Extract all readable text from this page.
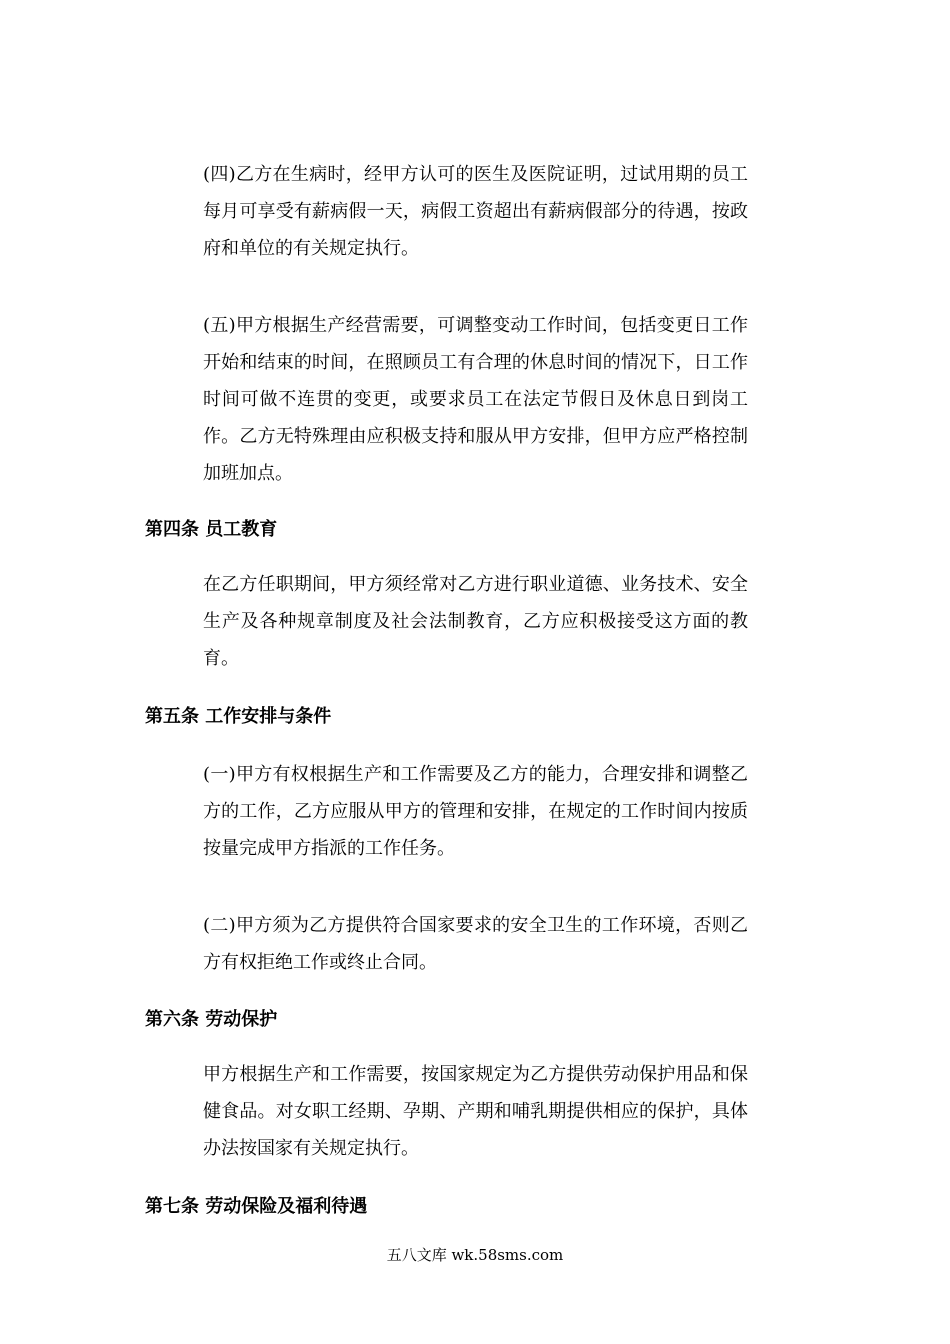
(四)乙方在生病时，经甲方认可的医生及医院证明，过试用期的员工每月可享受有薪病假一天，病假工资超出有薪病假部分的待遇，按政府和单位的有关规定执行。

(五)甲方根据生产经营需要，可调整变动工作时间，包括变更日工作开始和结束的时间，在照顾员工有合理的休息时间的情况下，日工作时间可做不连贯的变更，或要求员工在法定节假日及休息日到岗工作。乙方无特殊理由应积极支持和服从甲方安排，但甲方应严格控制加班加点。

第四条 员工教育

在乙方任职期间，甲方须经常对乙方进行职业道德、业务技术、安全生产及各种规章制度及社会法制教育，乙方应积极接受这方面的教育。

第五条 工作安排与条件

(一)甲方有权根据生产和工作需要及乙方的能力，合理安排和调整乙方的工作，乙方应服从甲方的管理和安排，在规定的工作时间内按质按量完成甲方指派的工作任务。

(二)甲方须为乙方提供符合国家要求的安全卫生的工作环境，否则乙方有权拒绝工作或终止合同。

第六条 劳动保护

甲方根据生产和工作需要，按国家规定为乙方提供劳动保护用品和保健食品。对女职工经期、孕期、产期和哺乳期提供相应的保护，具体办法按国家有关规定执行。

第七条 劳动保险及福利待遇
五八文库 wk.58sms.com
